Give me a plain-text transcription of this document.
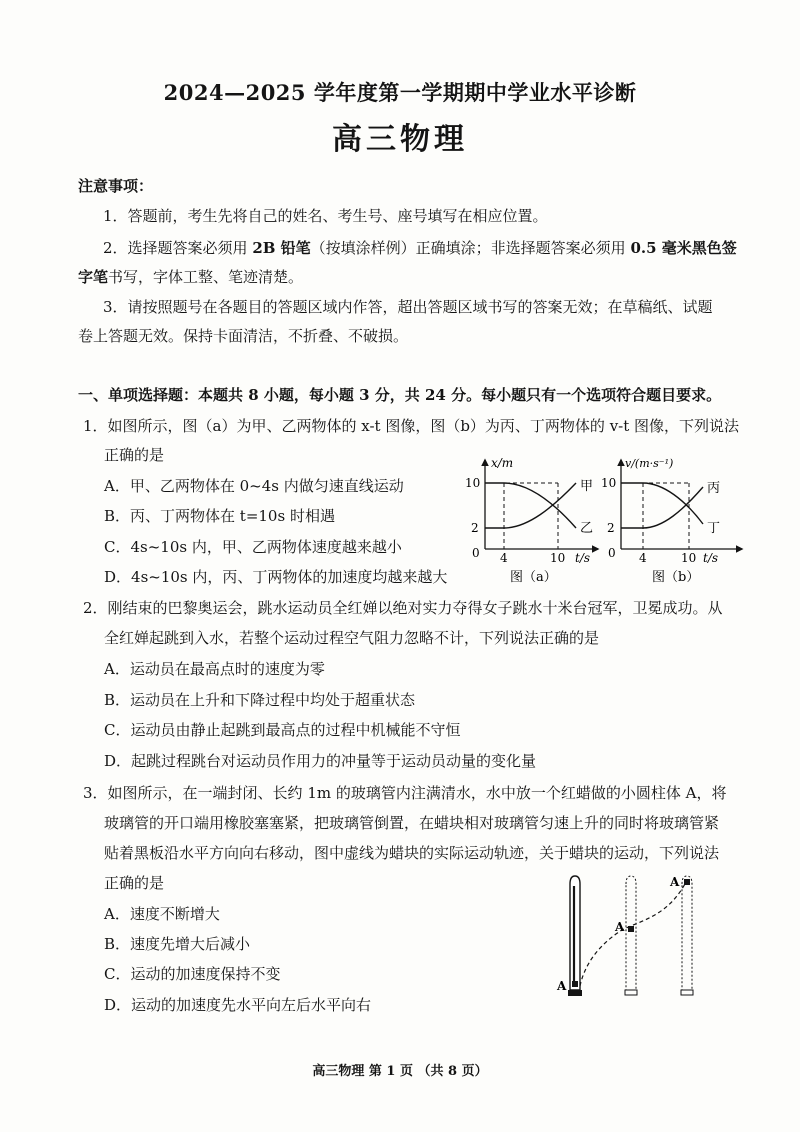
2024—2025 学年度第一学期期中学业水平诊断
高三物理
注意事项：
1．答题前，考生先将自己的姓名、考生号、座号填写在相应位置。
2．选择题答案必须用 2B 铅笔（按填涂样例）正确填涂；非选择题答案必须用 0.5 毫米黑色签
字笔书写，字体工整、笔迹清楚。
3．请按照题号在各题目的答题区域内作答，超出答题区域书写的答案无效；在草稿纸、试题
卷上答题无效。保持卡面清洁，不折叠、不破损。
一、单项选择题：本题共 8 小题，每小题 3 分，共 24 分。每小题只有一个选项符合题目要求。
1．如图所示，图（a）为甲、乙两物体的 x-t 图像，图（b）为丙、丁两物体的 v-t 图像，下列说法
正确的是
A．甲、乙两物体在 0~4s 内做匀速直线运动
B．丙、丁两物体在 t=10s 时相遇
C．4s~10s 内，甲、乙两物体速度越来越小
D．4s~10s 内，丙、丁两物体的加速度均越来越大
x/m
10
2
0 4	10 t/s
甲
乙
图（a）
v/(m·s⁻¹)
10
2
0 4	10 t/s
丙
丁
图（b）
2．刚结束的巴黎奥运会，跳水运动员全红婵以绝对实力夺得女子跳水十米台冠军，卫冕成功。从
全红婵起跳到入水，若整个运动过程空气阻力忽略不计，下列说法正确的是
A．运动员在最高点时的速度为零
B．运动员在上升和下降过程中均处于超重状态
C．运动员由静止起跳到最高点的过程中机械能不守恒
D．起跳过程跳台对运动员作用力的冲量等于运动员动量的变化量
3．如图所示，在一端封闭、长约 1m 的玻璃管内注满清水，水中放一个红蜡做的小圆柱体 A，将
玻璃管的开口端用橡胶塞塞紧，把玻璃管倒置，在蜡块相对玻璃管匀速上升的同时将玻璃管紧
贴着黑板沿水平方向向右移动，图中虚线为蜡块的实际运动轨迹，关于蜡块的运动，下列说法
正确的是
A．速度不断增大
B．速度先增大后减小
C．运动的加速度保持不变
D．运动的加速度先水平向左后水平向右
A
A
A
高三物理 第 1 页 （共 8 页）
